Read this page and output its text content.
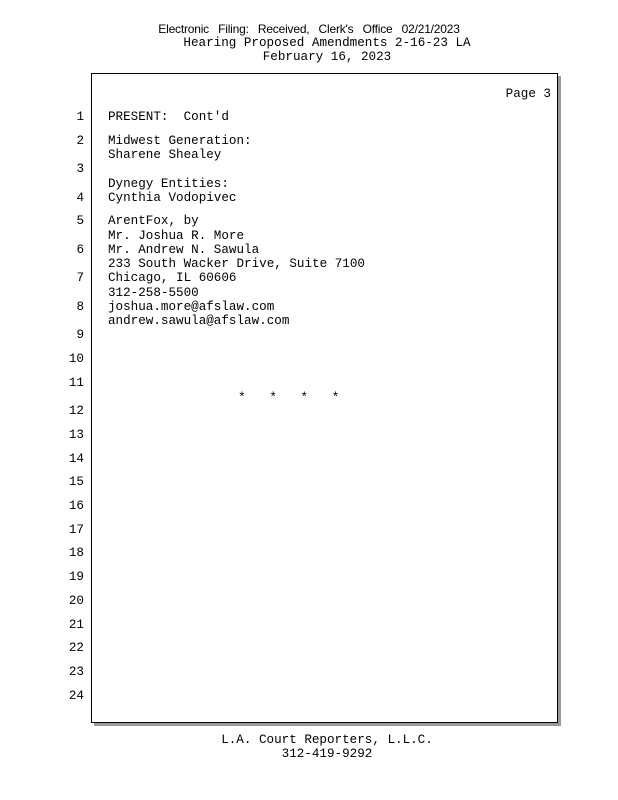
Electronic Filing: Received, Clerk's Office 02/21/2023
Hearing Proposed Amendments 2-16-23 LA
February 16, 2023
Page 3
1
2
3
4
5
6
7
8
9
10
11
12
13
14
15
16
17
18
19
20
21
22
23
24
PRESENT:  Cont'd
Midwest Generation:
Sharene Shealey
Dynegy Entities:
Cynthia Vodopivec
ArentFox, by
Mr. Joshua R. More
Mr. Andrew N. Sawula
233 South Wacker Drive, Suite 7100
Chicago, IL 60606
312-258-5500
joshua.more@afslaw.com
andrew.sawula@afslaw.com
*   *   *   *
L.A. Court Reporters, L.L.C.
312-419-9292
